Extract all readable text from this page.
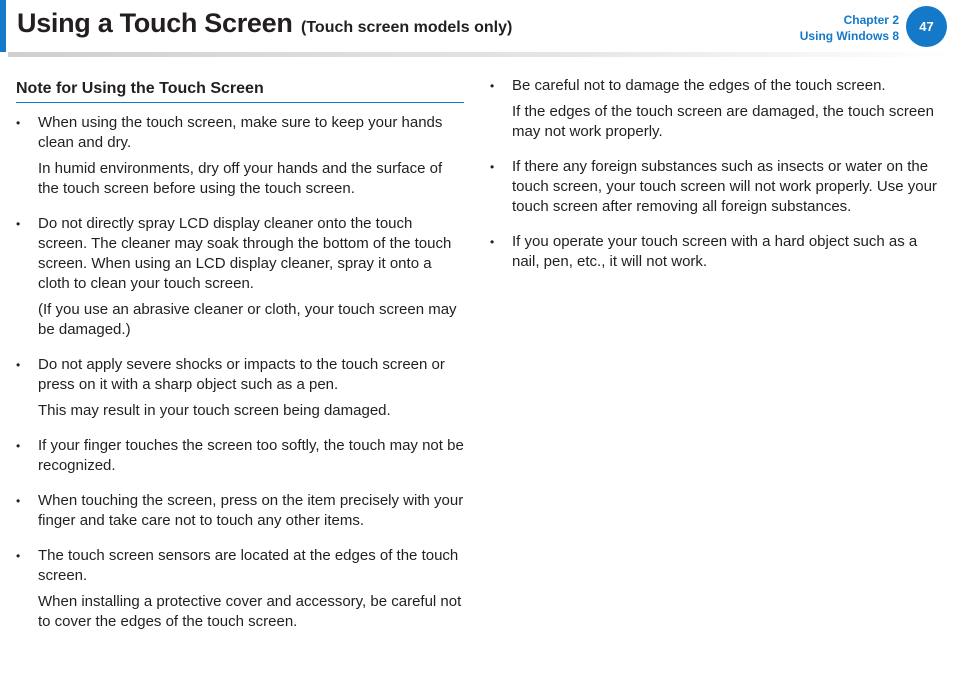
Using a Touch Screen (Touch screen models only)	Chapter 2
Using Windows 8
47
Note for Using the Touch Screen
•	When using the touch screen, make sure to keep your hands clean and dry.

In humid environments, dry off your hands and the surface of the touch screen before using the touch screen.

•	Do not directly spray LCD display cleaner onto the touch screen. The cleaner may soak through the bottom of the touch screen. When using an LCD display cleaner, spray it onto a cloth to clean your touch screen.

(If you use an abrasive cleaner or cloth, your touch screen may be damaged.)

•	Do not apply severe shocks or impacts to the touch screen or press on it with a sharp object such as a pen.

This may result in your touch screen being damaged.

•	If your finger touches the screen too softly, the touch may not be recognized.

•	When touching the screen, press on the item precisely with your finger and take care not to touch any other items.

•	The touch screen sensors are located at the edges of the touch screen.

When installing a protective cover and accessory, be careful not to cover the edges of the touch screen.

•	Be careful not to damage the edges of the touch screen.

If the edges of the touch screen are damaged, the touch screen may not work properly.

•	If there any foreign substances such as insects or water on the touch screen, your touch screen will not work properly. Use your touch screen after removing all foreign substances.

•	If you operate your touch screen with a hard object such as a nail, pen, etc., it will not work.
